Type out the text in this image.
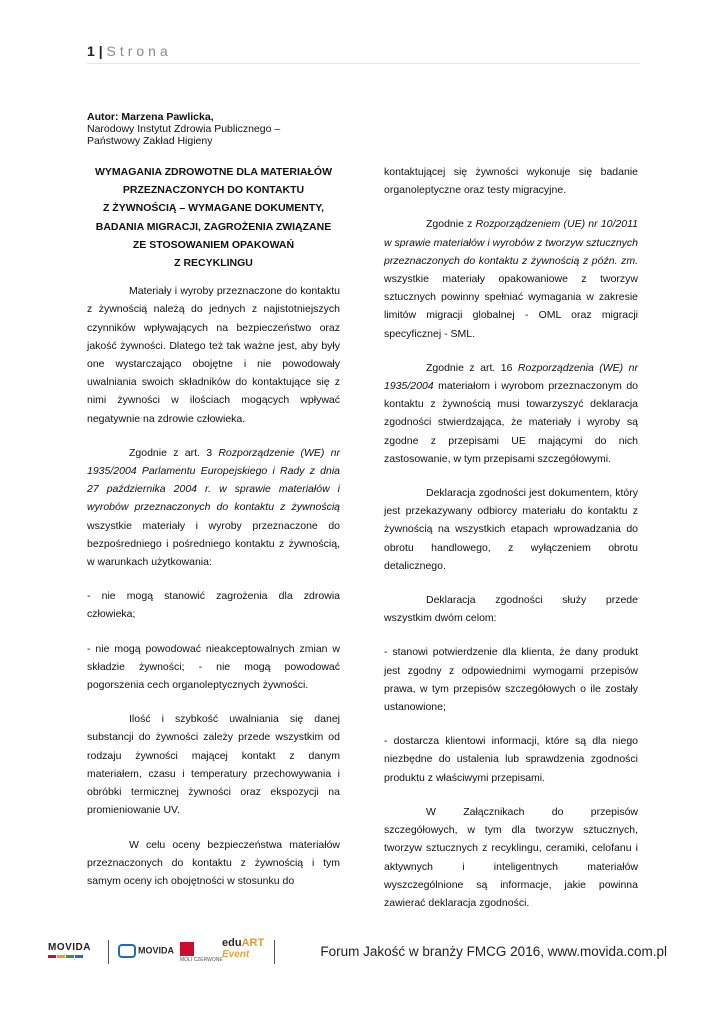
1 | Strona
Autor: Marzena Pawlicka,
Narodowy Instytut Zdrowia Publicznego –
Państwowy Zakład Higieny
WYMAGANIA ZDROWOTNE DLA MATERIAŁÓW
PRZEZNACZONYCH DO KONTAKTU
Z ŻYWNOŚCIĄ – WYMAGANE DOKUMENTY,
BADANIA MIGRACJI, ZAGROŻENIA ZWIĄZANE
ZE STOSOWANIEM OPAKOWAŃ
Z RECYKLINGU

Materiały i wyroby przeznaczone do kontaktu z żywnością należą do jednych z najistotniejszych czynników wpływających na bezpieczeństwo oraz jakość żywności. Dlatego też tak ważne jest, aby były one wystarczająco obojętne i nie powodowały uwalniania swoich składników do kontaktujące się z nimi żywności w ilościach mogących wpływać negatywnie na zdrowie człowieka.

Zgodnie z art. 3 Rozporządzenie (WE) nr 1935/2004 Parlamentu Europejskiego i Rady z dnia 27 października 2004 r. w sprawie materiałów i wyrobów przeznaczonych do kontaktu z żywnością wszystkie materiały i wyroby przeznaczone do bezpośredniego i pośredniego kontaktu z żywnością, w warunkach użytkowania:

- nie mogą stanowić zagrożenia dla zdrowia człowieka;

- nie mogą powodować nieakceptowalnych zmian w składzie żywności; - nie mogą powodować pogorszenia cech organoleptycznych żywności.

Ilość i szybkość uwalniania się danej substancji do żywności zależy przede wszystkim od rodzaju żywności mającej kontakt z danym materiałem, czasu i temperatury przechowywania i obróbki termicznej żywności oraz ekspozycji na promieniowanie UV.

W celu oceny bezpieczeństwa materiałów przeznaczonych do kontaktu z żywnością i tym samym oceny ich obojętności w stosunku do

kontaktującej się żywności wykonuje się badanie organoleptyczne oraz testy migracyjne.

Zgodnie z Rozporządzeniem (UE) nr 10/2011 w sprawie materiałów i wyrobów z tworzyw sztucznych przeznaczonych do kontaktu z żywnością z późn. zm. wszystkie materiały opakowaniowe z tworzyw sztucznych powinny spełniać wymagania w zakresie limitów migracji globalnej - OML oraz migracji specyficznej - SML.

Zgodnie z art. 16 Rozporządzenia (WE) nr 1935/2004 materiałom i wyrobom przeznaczonym do kontaktu z żywnością musi towarzyszyć deklaracja zgodności stwierdzająca, że materiały i wyroby są zgodne z przepisami UE mającymi do nich zastosowanie, w tym przepisami szczegółowymi.

Deklaracja zgodności jest dokumentem, który jest przekazywany odbiorcy materiału do kontaktu z żywnością na wszystkich etapach wprowadzania do obrotu handlowego, z wyłączeniem obrotu detalicznego.

Deklaracja zgodności służy przede wszystkim dwóm celom:

- stanowi potwierdzenie dla klienta, że dany produkt jest zgodny z odpowiednimi wymogami przepisów prawa, w tym przepisów szczegółowych o ile zostały ustanowione;

- dostarcza klientowi informacji, które są dla niego niezbędne do ustalenia lub sprawdzenia zgodności produktu z właściwymi przepisami.

W Załącznikach do przepisów szczegółowych, w tym dla tworzyw sztucznych, tworzyw sztucznych z recyklingu, ceramiki, celofanu i aktywnych i inteligentnych materiałów wyszczególnione są informacje, jakie powinna zawierać deklaracja zgodności.

MOVIDA	MOVIDA
MOLI CZERWONE
eduART
Event	Forum Jakość w branży FMCG 2016, www.movida.com.pl
